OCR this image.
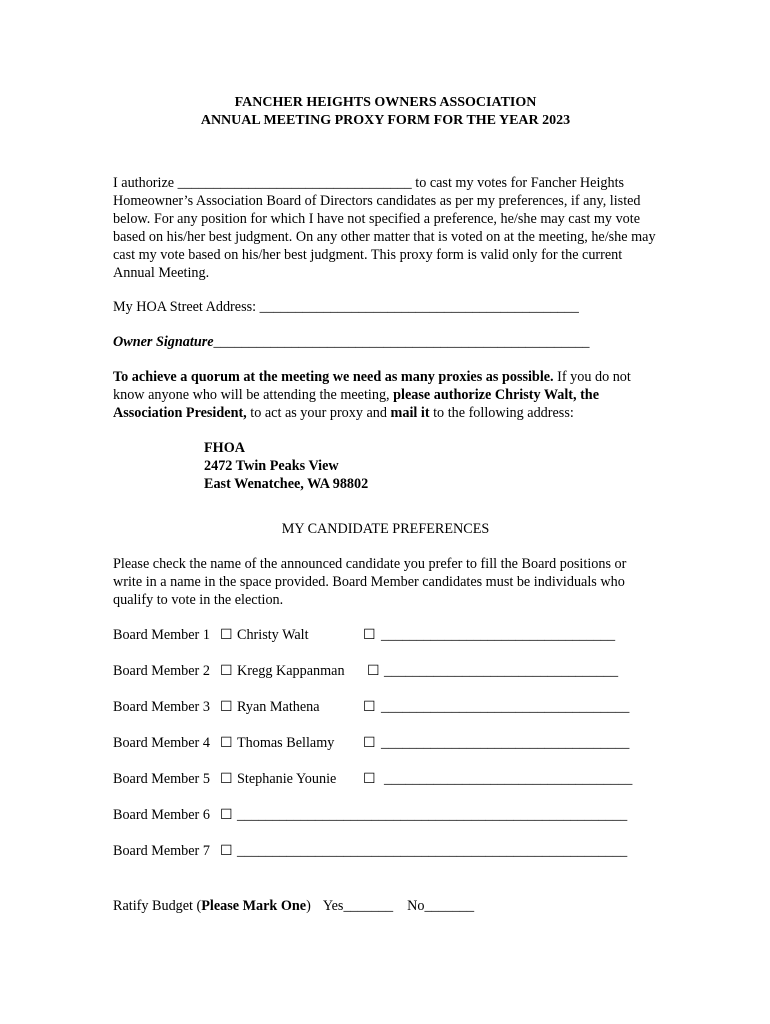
FANCHER HEIGHTS OWNERS ASSOCIATION
ANNUAL MEETING PROXY FORM FOR THE YEAR 2023

I authorize _________________________________ to cast my votes for Fancher Heights Homeowner’s Association Board of Directors candidates as per my preferences, if any, listed below. For any position for which I have not specified a preference, he/she may cast my vote based on his/her best judgment. On any other matter that is voted on at the meeting, he/she may cast my vote based on his/her best judgment. This proxy form is valid only for the current Annual Meeting.

My HOA Street Address: _____________________________________________

Owner Signature_____________________________________________________

To achieve a quorum at the meeting we need as many proxies as possible. If you do not know anyone who will be attending the meeting, please authorize Christy Walt, the Association President, to act as your proxy and mail it to the following address:

FHOA
2472 Twin Peaks View
East Wenatchee, WA 98802
MY CANDIDATE PREFERENCES

Please check the name of the announced candidate you prefer to fill the Board positions or write in a name in the space provided. Board Member candidates must be individuals who qualify to vote in the election.

Board Member 1 ☐ Christy Walt	☐ _________________________________
Board Member 2 ☐ Kregg Kappanman ☐ _________________________________
Board Member 3 ☐ Ryan Mathena	☐ ___________________________________
Board Member 4 ☐ Thomas Bellamy ☐ ___________________________________
Board Member 5 ☐ Stephanie Younie ☐ ___________________________________
Board Member 6 ☐ _______________________________________________________
Board Member 7 ☐ _______________________________________________________

Ratify Budget (Please Mark One) Yes_______ No_______
